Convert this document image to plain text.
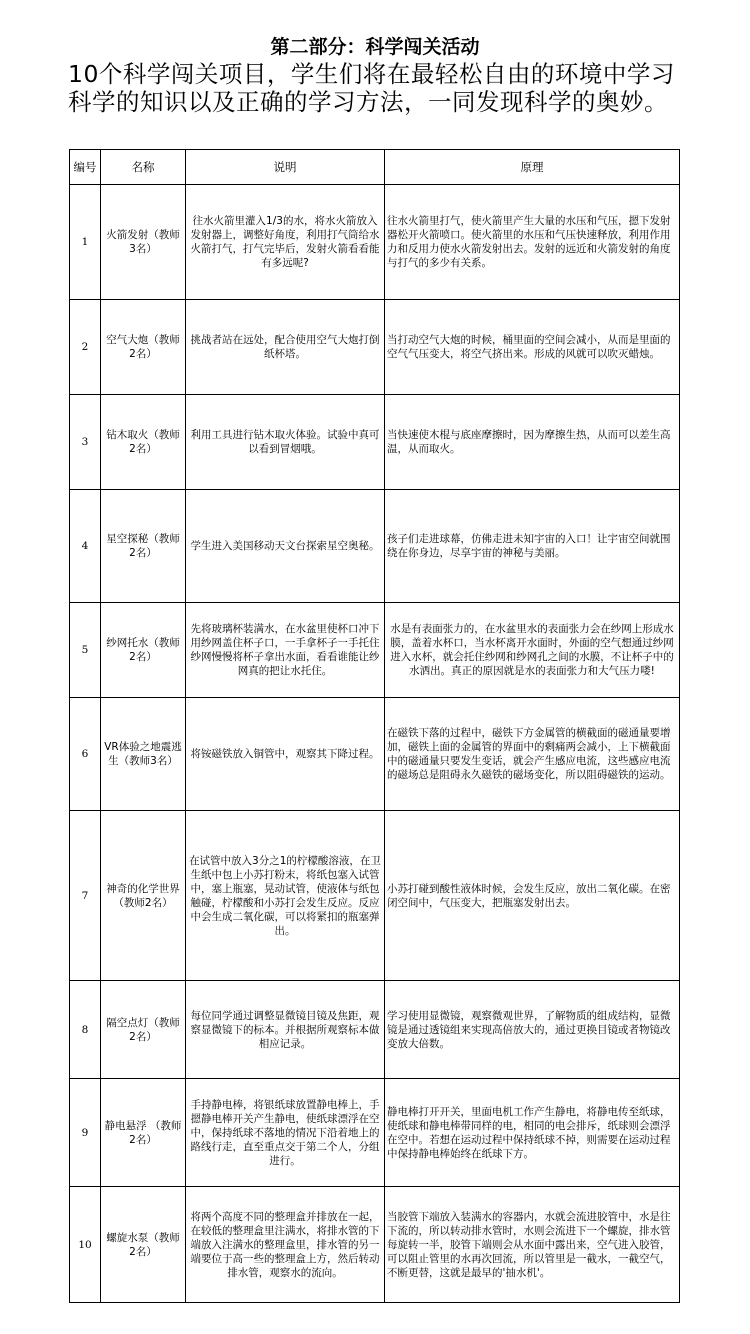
第二部分：科学闯关活动
10个科学闯关项目，学生们将在最轻松自由的环境中学习科学的知识以及正确的学习方法，一同发现科学的奥妙。
编号	名称	说明	原理
1	火箭发射（教师3名）	往水火箭里灌入1/3的水，将水火箭放入发射器上，调整好角度，利用打气筒给水火箭打气，打气完毕后，发射火箭看看能有多远呢?	往水火箭里打气，使火箭里产生大量的水压和气压，摁下发射器松开火箭喷口。使火箭里的水压和气压快速释放，利用作用力和反用力使水火箭发射出去。发射的远近和火箭发射的角度与打气的多少有关系。
2	空气大炮（教师2名）	挑战者站在远处，配合使用空气大炮打倒纸杯塔。	当打动空气大炮的时候，桶里面的空间会减小，从而是里面的空气气压变大，将空气挤出来。形成的风就可以吹灭蜡烛。
3	钻木取火（教师2名）	利用工具进行钻木取火体验。试验中真可以看到冒烟哦。	当快速使木棍与底座摩擦时，因为摩擦生热，从而可以差生高温，从而取火。
4	星空探秘（教师2名）	学生进入美国移动天文台探索星空奥秘。	孩子们走进球幕，仿佛走进未知宇宙的入口！让宇宙空间就围绕在你身边，尽享宇宙的神秘与美丽。
5	纱网托水（教师2名）	先将玻璃杯装满水，在水盆里使杯口冲下用纱网盖住杯子口，一手拿杯子一手托住纱网慢慢将杯子拿出水面，看看谁能让纱网真的把让水托住。	水是有表面张力的，在水盆里水的表面张力会在纱网上形成水膜，盖着水杯口，当水杯离开水面时，外面的空气想通过纱网进入水杯，就会托住纱网和纱网孔之间的水膜，不让杯子中的水洒出。真正的原因就是水的表面张力和大气压力喽!
6	VR体验之地震逃生（教师3名）	将铵磁铁放入铜管中，观察其下降过程。	在磁铁下落的过程中，磁铁下方金属管的横截面的磁通量要增加，磁铁上面的金属管的界面中的剩痛两会减小，上下横截面中的磁通量只要发生变话，就会产生感应电流，这些感应电流的磁场总是阻碍永久磁铁的磁场变化，所以阻碍磁铁的运动。
7	神奇的化学世界（教师2名）	在试管中放入3分之1的柠檬酸溶液，在卫生纸中包上小苏打粉末，将纸包塞入试管中，塞上瓶塞，晃动试管，使液体与纸包触碰，柠檬酸和小苏打会发生反应。反应中会生成二氧化碳，可以将紧扣的瓶塞弹出。	小苏打碰到酸性液体时候，会发生反应，放出二氧化碳。在密闭空间中，气压变大，把瓶塞发射出去。
8	隔空点灯（教师2名）	每位同学通过调整显微镜目镜及焦距，观察显微镜下的标本。并根据所观察标本做相应记录。	学习使用显微镜，观察微观世界，了解物质的组成结构，显微镜是通过透镜组来实现高倍放大的，通过更换目镜或者物镜改变放大倍数。
9	静电悬浮 （教师2名）	手持静电棒，将银纸球放置静电棒上，手摁静电棒开关产生静电，使纸球漂浮在空中，保持纸球不落地的情况下沿着地上的路线行走，直至重点交于第二个人，分组进行。	静电棒打开开关，里面电机工作产生静电，将静电传至纸球，使纸球和静电棒带同样的电，相同的电会排斥，纸球则会漂浮在空中。若想在运动过程中保持纸球不掉，则需要在运动过程中保持静电棒始终在纸球下方。
10	螺旋水泵（教师2名）	将两个高度不同的整理盒并排放在一起，在较低的整理盒里注满水，将排水管的下端放入注满水的整理盒里，排水管的另一端要位于高一些的整理盒上方，然后转动排水管，观察水的流向。	当胶管下端放入装满水的容器内，水就会流进胶管中，水是往下流的，所以转动排水管时，水则会流进下一个螺旋，排水管每旋转一半，胶管下端则会从水面中露出来，空气进入胶管，可以阻止管里的水再次回流，所以管里是一截水，一截空气，不断更替，这就是最早的'抽水机'。
